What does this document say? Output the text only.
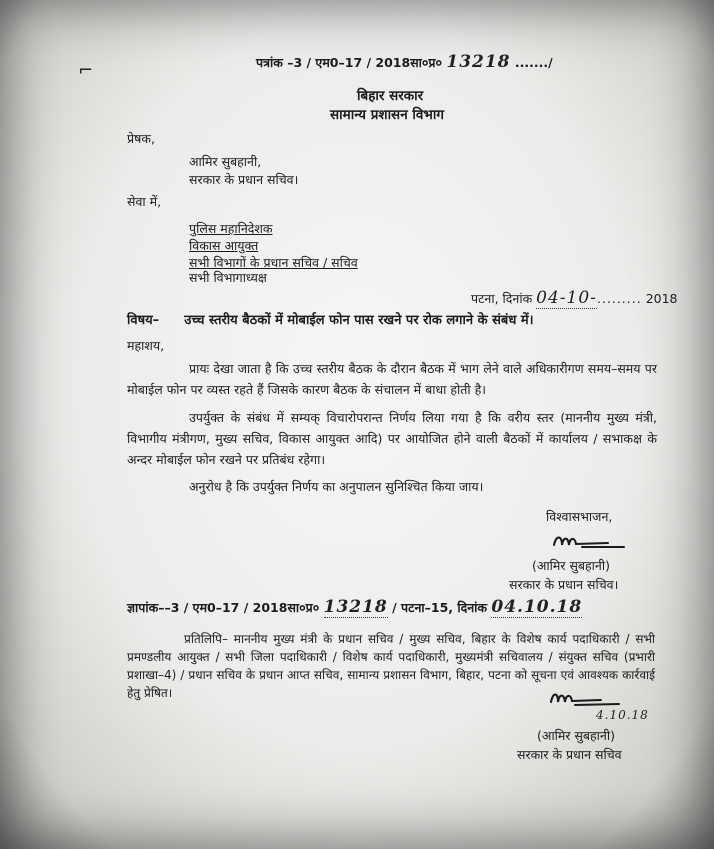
⌐	पत्रांक –3 / एम0–17 / 2018सा०प्र० 13218 ......./
बिहार सरकार
सामान्य प्रशासन विभाग
प्रेषक,
आमिर सुबहानी,
सरकार के प्रधान सचिव।
सेवा में,
पुलिस महानिदेशक
विकास आयुक्त
सभी विभागों के प्रधान सचिव / सचिव
सभी विभागाध्यक्ष
पटना, दिनांक 04-10-......... 2018
विषय– उच्च स्तरीय बैठकों में मोबाईल फोन पास रखने पर रोक लगाने के संबंध में।
महाशय,
प्रायः देखा जाता है कि उच्च स्तरीय बैठक के दौरान बैठक में भाग लेने वाले अधिकारीगण समय–समय पर मोबाईल फोन पर व्यस्त रहते हैं जिसके कारण बैठक के संचालन में बाधा होती है।
उपर्युक्त के संबंध में सम्यक् विचारोपरान्त निर्णय लिया गया है कि वरीय स्तर (माननीय मुख्य मंत्री, विभागीय मंत्रीगण, मुख्य सचिव, विकास आयुक्त आदि) पर आयोजित होने वाली बैठकों में कार्यालय / सभाकक्ष के अन्दर मोबाईल फोन रखने पर प्रतिबंध रहेगा।
अनुरोध है कि उपर्युक्त निर्णय का अनुपालन सुनिश्चित किया जाय।
विश्वासभाजन,
(आमिर सुबहानी)
सरकार के प्रधान सचिव।
ज्ञापांक––3 / एम0–17 / 2018सा०प्र० 13218 / पटना–15, दिनांक 04.10.18
प्रतिलिपि– माननीय मुख्य मंत्री के प्रधान सचिव / मुख्य सचिव, बिहार के विशेष कार्य पदाधिकारी / सभी प्रमण्डलीय आयुक्त / सभी जिला पदाधिकारी / विशेष कार्य पदाधिकारी, मुख्यमंत्री सचिवालय / संयुक्त सचिव (प्रभारी प्रशाखा–4) / प्रधान सचिव के प्रधान आप्त सचिव, सामान्य प्रशासन विभाग, बिहार, पटना को सूचना एवं आवश्यक कार्रवाई हेतु प्रेषित।
4.10.18
(आमिर सुबहानी)
सरकार के प्रधान सचिव
